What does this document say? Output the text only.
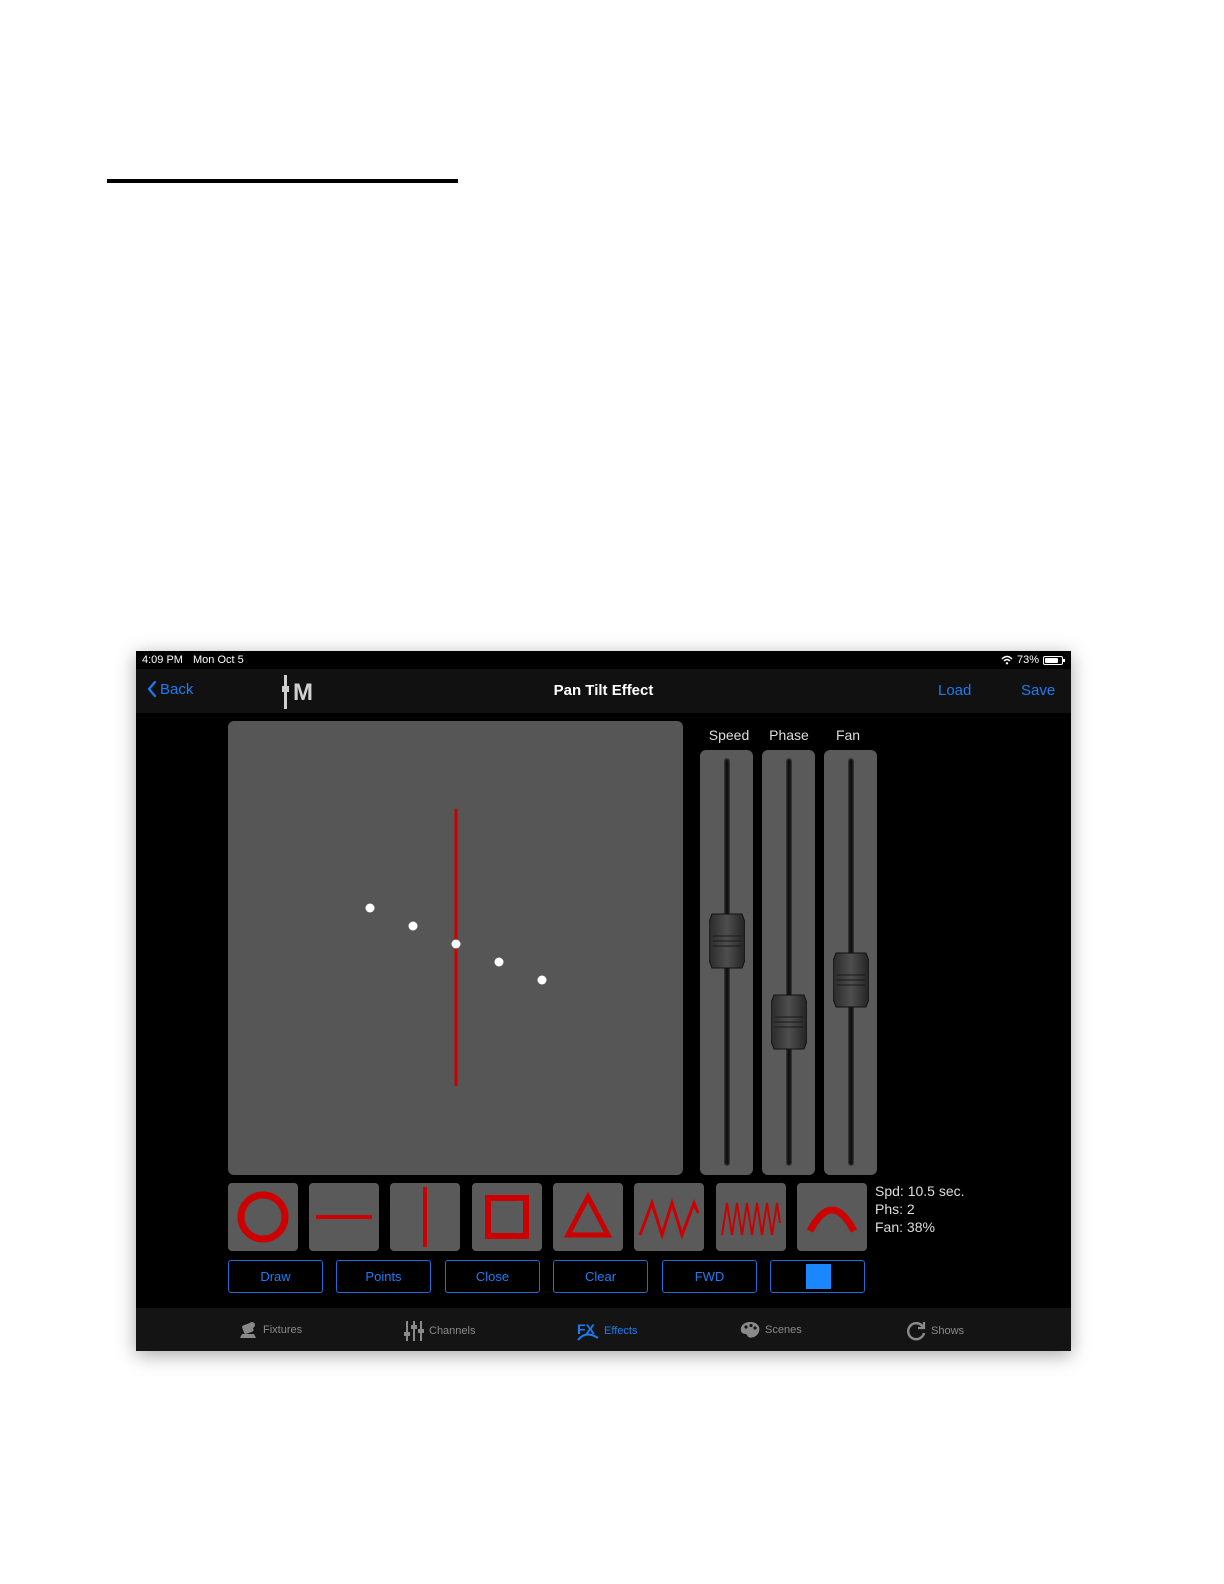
4:09 PM Mon Oct 5	73%
Back	M	Pan Tilt Effect	Load	Save
Speed	Phase	Fan
Spd: 10.5 sec.
Phs: 2
Fan: 38%
Draw	Points	Close	Clear	FWD
Fixtures	Channels	FX Effects	Scenes	Shows
